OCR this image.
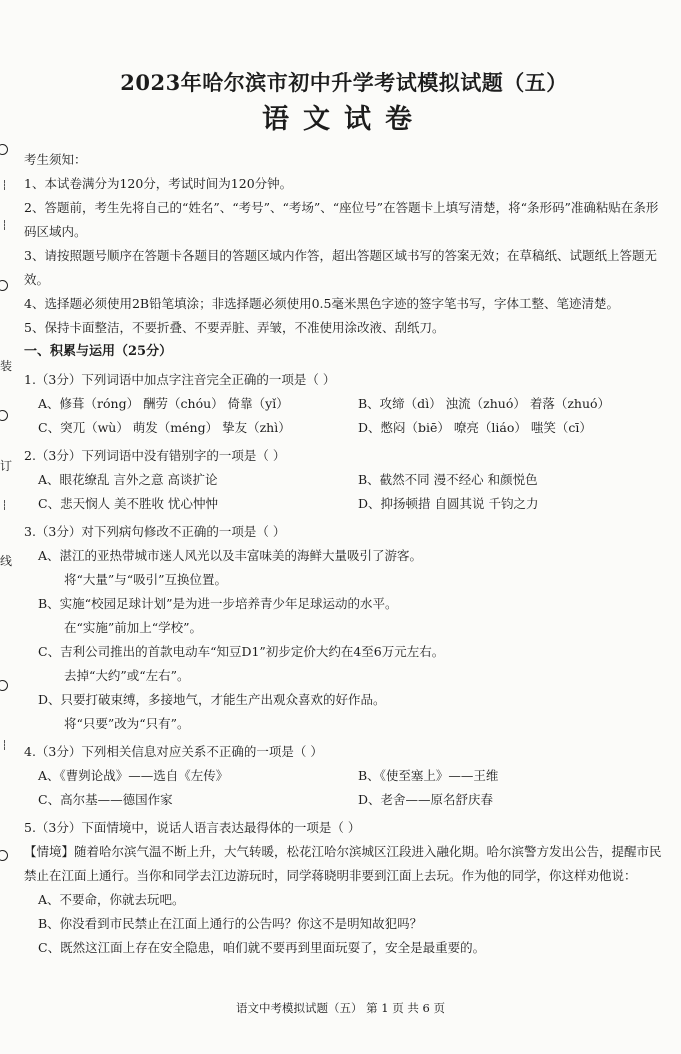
装
订
线
2023年哈尔滨市初中升学考试模拟试题（五）
语文试卷
考生须知：
1、本试卷满分为120分，考试时间为120分钟。
2、答题前，考生先将自己的“姓名”、“考号”、“考场”、“座位号”在答题卡上填写清楚，将“条形码”准确粘贴在条形码区域内。
3、请按照题号顺序在答题卡各题目的答题区域内作答，超出答题区域书写的答案无效；在草稿纸、试题纸上答题无效。
4、选择题必须使用2B铅笔填涂；非选择题必须使用0.5毫米黑色字迹的签字笔书写，字体工整、笔迹清楚。
5、保持卡面整洁，不要折叠、不要弄脏、弄皱，不准使用涂改液、刮纸刀。
一、积累与运用（25分）
1.（3分）下列词语中加点字注音完全正确的一项是（ ）
A、修葺（róng） 酬劳（chóu） 倚靠（yǐ）	B、攻缔（dì） 浊流（zhuó） 着落（zhuó）
C、突兀（wù） 萌发（méng） 挚友（zhì）	D、憋闷（biē） 嘹亮（liáo） 嗤笑（cī）
2.（3分）下列词语中没有错别字的一项是（ ）
A、眼花缭乱 言外之意 高谈扩论	B、截然不同 漫不经心 和颜悦色
C、悲天悯人 美不胜收 忧心忡忡	D、抑扬顿措 自圆其说 千钧之力
3.（3分）对下列病句修改不正确的一项是（ ）
A、湛江的亚热带城市迷人风光以及丰富味美的海鲜大量吸引了游客。
将“大量”与“吸引”互换位置。
B、实施“校园足球计划”是为进一步培养青少年足球运动的水平。
在“实施”前加上“学校”。
C、吉利公司推出的首款电动车“知豆D1”初步定价大约在4至6万元左右。
去掉“大约”或“左右”。
D、只要打破束缚，多接地气，才能生产出观众喜欢的好作品。
将“只要”改为“只有”。
4.（3分）下列相关信息对应关系不正确的一项是（ ）
A、《曹刿论战》——选自《左传》	B、《使至塞上》——王维
C、高尔基——德国作家	D、老舍——原名舒庆春
5.（3分）下面情境中，说话人语言表达最得体的一项是（ ）
【情境】随着哈尔滨气温不断上升，大气转暖，松花江哈尔滨城区江段进入融化期。哈尔滨警方发出公告，提醒市民禁止在江面上通行。当你和同学去江边游玩时，同学蒋晓明非要到江面上去玩。作为他的同学，你这样劝他说：
A、不要命，你就去玩吧。
B、你没看到市民禁止在江面上通行的公告吗？你这不是明知故犯吗？
C、既然这江面上存在安全隐患，咱们就不要再到里面玩耍了，安全是最重要的。
语文中考模拟试题（五） 第 1 页 共 6 页
